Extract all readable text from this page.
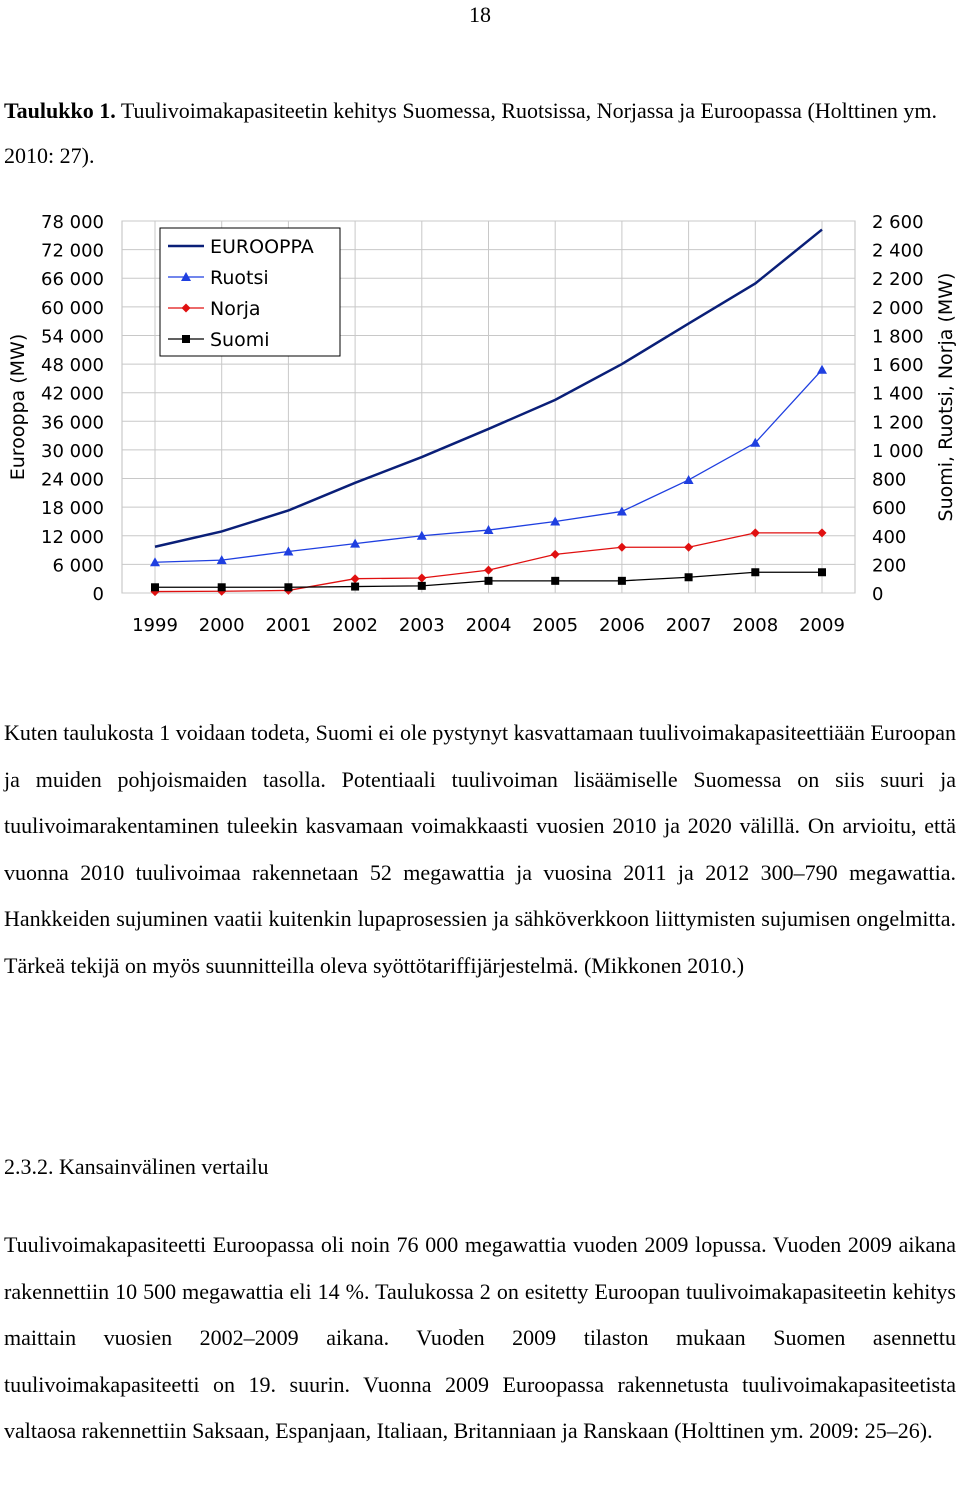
18
Taulukko 1. Tuulivoimakapasiteetin kehitys Suomessa, Ruotsissa, Norjassa ja Euroopassa (Holttinen ym. 2010: 27).
0	0
6 000	200
12 000	400
18 000	600
24 000	800
30 000	1 000
36 000	1 200
42 000	1 400
48 000	1 600
54 000	1 800
60 000	2 000
66 000	2 200
72 000	2 400
78 000	2 600
1999 2000 2001 2002 2003 2004 2005 2006 2007 2008 2009
Eurooppa (MW)	Suomi, Ruotsi, Norja (MW)
EUROOPPA
Ruotsi
Norja
Suomi

Kuten taulukosta 1 voidaan todeta, Suomi ei ole pystynyt kasvattamaan tuulivoimakapasiteettiään Euroopan ja muiden pohjoismaiden tasolla. Potentiaali tuulivoiman lisäämiselle Suomessa on siis suuri ja tuulivoimarakentaminen tuleekin kasvamaan voimakkaasti vuosien 2010 ja 2020 välillä. On arvioitu, että vuonna 2010 tuulivoimaa rakennetaan 52 megawattia ja vuosina 2011 ja 2012 300–790 megawattia. Hankkeiden sujuminen vaatii kuitenkin lupaprosessien ja sähköverkkoon liittymisten sujumisen ongelmitta. Tärkeä tekijä on myös suunnitteilla oleva syöttötariffijärjestelmä. (Mikkonen 2010.)

2.3.2. Kansainvälinen vertailu

Tuulivoimakapasiteetti Euroopassa oli noin 76 000 megawattia vuoden 2009 lopussa. Vuoden 2009 aikana rakennettiin 10 500 megawattia eli 14 %. Taulukossa 2 on esitetty Euroopan tuulivoimakapasiteetin kehitys maittain vuosien 2002–2009 aikana. Vuoden 2009 tilaston mukaan Suomen asennettu tuulivoimakapasiteetti on 19. suurin. Vuonna 2009 Euroopassa rakennetusta tuulivoimakapasiteetista valtaosa rakennettiin Saksaan, Espanjaan, Italiaan, Britanniaan ja Ranskaan (Holttinen ym. 2009: 25–26).
